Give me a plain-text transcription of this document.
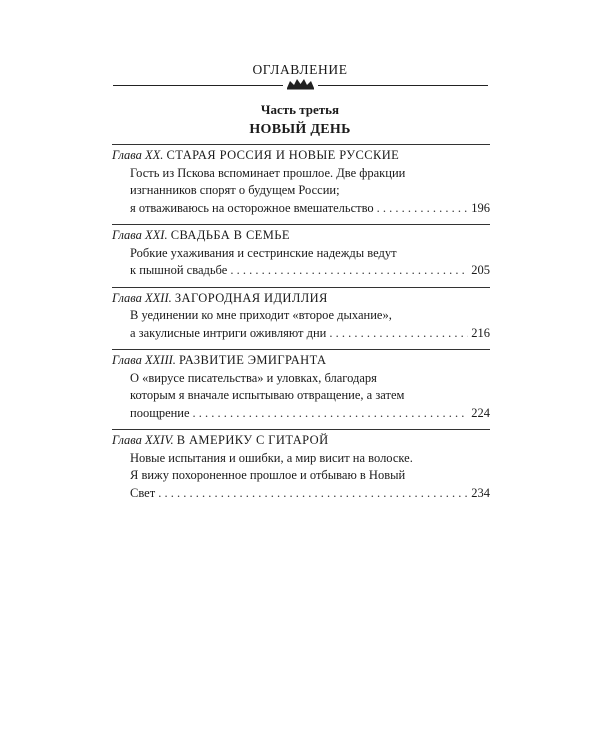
ОГЛАВЛЕНИЕ
Часть третья
НОВЫЙ ДЕНЬ
Глава XX. СТАРАЯ РОССИЯ И НОВЫЕ РУССКИЕ
Гость из Пскова вспоминает прошлое. Две фракции
изгнанников спорят о будущем России;
я отваживаюсь на осторожное вмешательство . . .	196
Глава XXI. СВАДЬБА В СЕМЬЕ
Робкие ухаживания и сестринские надежды ведут
к пышной свадьбе . . .	205
Глава XXII. ЗАГОРОДНАЯ ИДИЛЛИЯ
В уединении ко мне приходит «второе дыхание»,
а закулисные интриги оживляют дни . . .	216
Глава XXIII. РАЗВИТИЕ ЭМИГРАНТА
О «вирусе писательства» и уловках, благодаря
которым я вначале испытываю отвращение, а затем
поощрение . . .	224
Глава XXIV. В АМЕРИКУ С ГИТАРОЙ
Новые испытания и ошибки, а мир висит на волоске.
Я вижу похороненное прошлое и отбываю в Новый
Свет . . .	234
